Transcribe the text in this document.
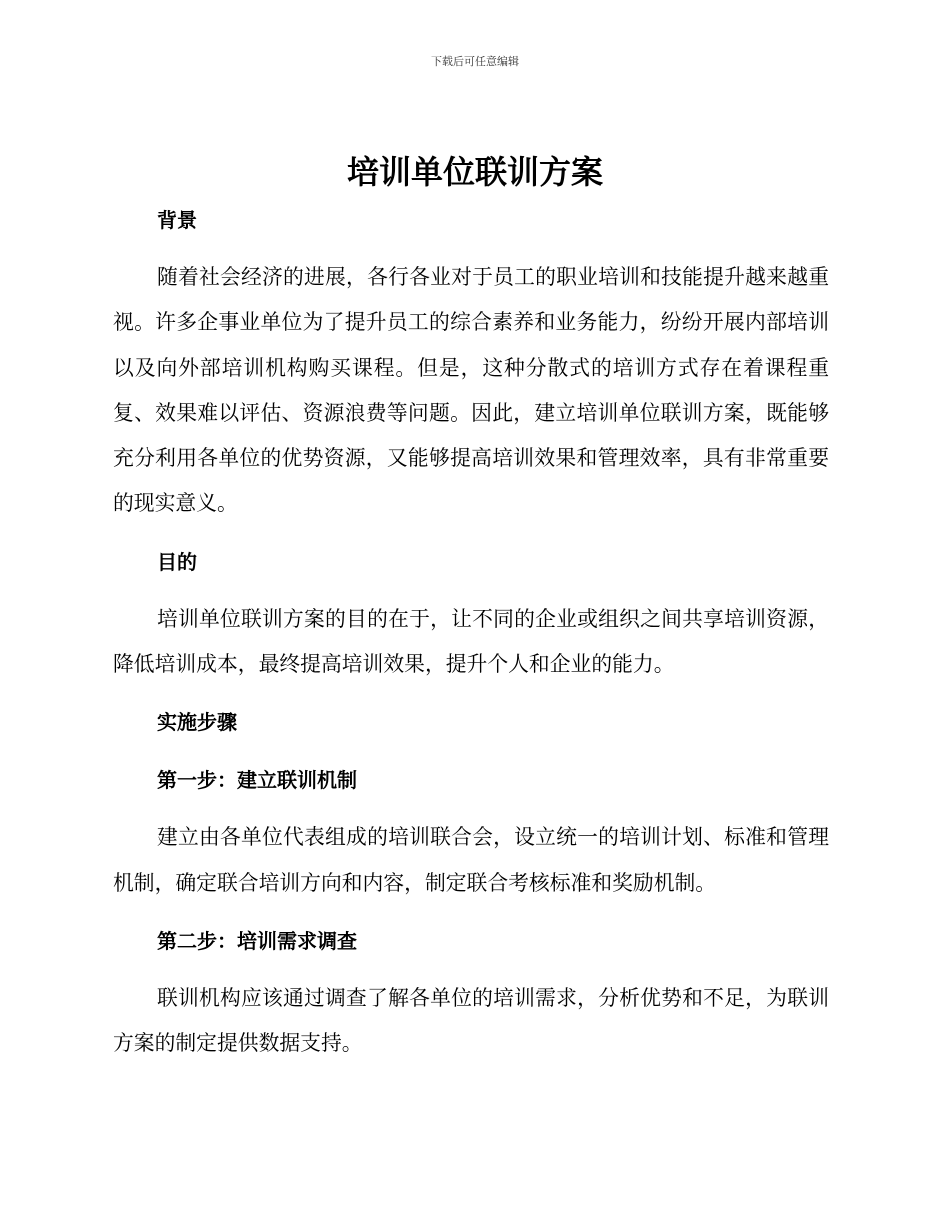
下载后可任意编辑
培训单位联训方案
背景

随着社会经济的进展，各行各业对于员工的职业培训和技能提升越来越重视。许多企事业单位为了提升员工的综合素养和业务能力，纷纷开展内部培训以及向外部培训机构购买课程。但是，这种分散式的培训方式存在着课程重复、效果难以评估、资源浪费等问题。因此，建立培训单位联训方案，既能够充分利用各单位的优势资源，又能够提高培训效果和管理效率，具有非常重要的现实意义。

目的

培训单位联训方案的目的在于，让不同的企业或组织之间共享培训资源，降低培训成本，最终提高培训效果，提升个人和企业的能力。

实施步骤
第一步：建立联训机制

建立由各单位代表组成的培训联合会，设立统一的培训计划、标准和管理机制，确定联合培训方向和内容，制定联合考核标准和奖励机制。

第二步：培训需求调查

联训机构应该通过调查了解各单位的培训需求，分析优势和不足，为联训方案的制定提供数据支持。
